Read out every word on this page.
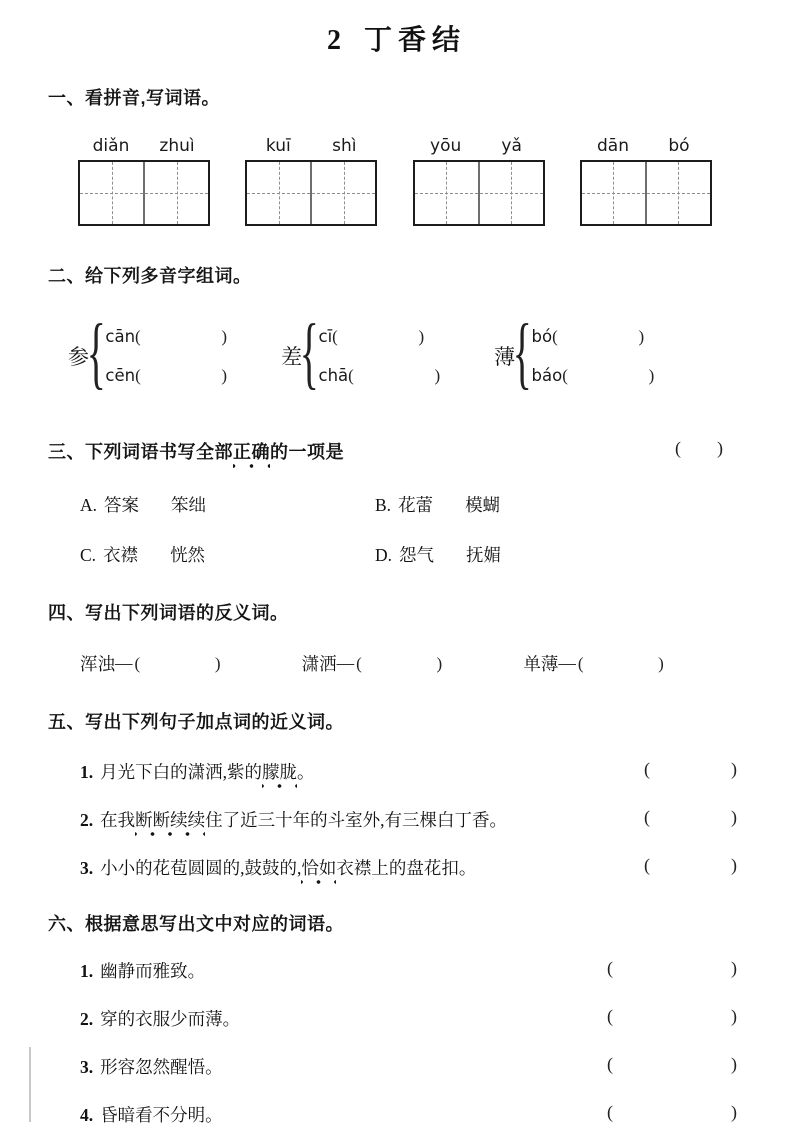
2 丁香结
一、看拼音,写词语。
diǎn	zhuì	kuī	shì	yōu	yǎ	dān	bó
二、给下列多音字组词。
参
{ cān (	)
cēn (	)
差
{ cī (	)
chā (	)
薄
{ bó (	)
báo (	)
三、下列词语书写全部正确的一项是	( )
A. 答案 笨绌	B. 花蕾 模蝴
C. 衣襟 恍然	D. 怨气 抚媚
四、写出下列词语的反义词。
浑浊 — (	)	潇洒 — (	)	单薄 — (	)
五、写出下列句子加点词的近义词。
1. 月光下白的潇洒,紫的朦胧。	(	)
2. 在我断断续续住了近三十年的斗室外,有三棵白丁香。	(	)
3. 小小的花苞圆圆的,鼓鼓的,恰如衣襟上的盘花扣。	(	)
六、根据意思写出文中对应的词语。
1. 幽静而雅致。	(	)
2. 穿的衣服少而薄。	(	)
3. 形容忽然醒悟。	(	)
4. 昏暗看不分明。	(	)
